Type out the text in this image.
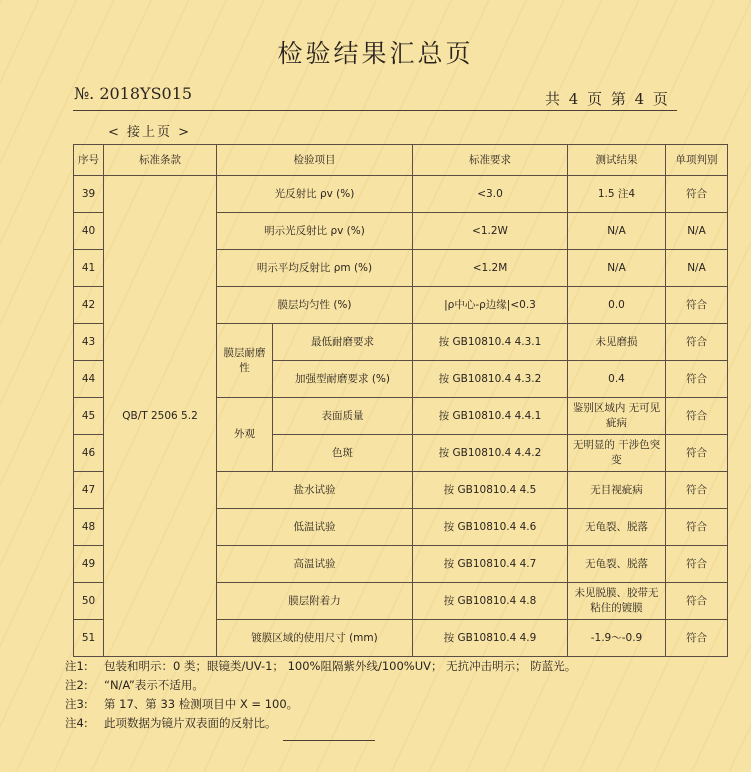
检验结果汇总页
№. 2018YS015	共 4 页 第 4 页
< 接上页 >
序号	标准条款	检验项目		标准要求	测试结果	单项判别
39	QB/T 2506 5.2	光反射比 ρv (%)		<3.0	1.5 注4	符合
40		明示光反射比 ρv (%)		<1.2W	N/A	N/A
41		明示平均反射比 ρm (%)		<1.2M	N/A	N/A
42		膜层均匀性 (%)		|ρ中心-ρ边缘|<0.3	0.0	符合
43		膜层耐磨性	最低耐磨要求	按 GB10810.4 4.3.1	未见磨损	符合
44			加强型耐磨要求 (%)	按 GB10810.4 4.3.2	0.4	符合
45		外观	表面质量	按 GB10810.4 4.4.1	鉴别区域内 无可见疵病	符合
46			色斑	按 GB10810.4 4.4.2	无明显的 干涉色突变	符合
47		盐水试验		按 GB10810.4 4.5	无目视疵病	符合
48		低温试验		按 GB10810.4 4.6	无龟裂、脱落	符合
49		高温试验		按 GB10810.4 4.7	无龟裂、脱落	符合
50		膜层附着力		按 GB10810.4 4.8	未见脱膜、胶带无粘住的镀膜	符合
51		镀膜区域的使用尺寸 (mm)		按 GB10810.4 4.9	-1.9～-0.9	符合
注1:	包装和明示：0 类；眼镜类/UV-1； 100%阻隔紫外线/100%UV； 无抗冲击明示； 防蓝光。
注2:	“N/A”表示不适用。
注3:	第 17、第 33 检测项目中 X = 100。
注4:	此项数据为镜片双表面的反射比。
